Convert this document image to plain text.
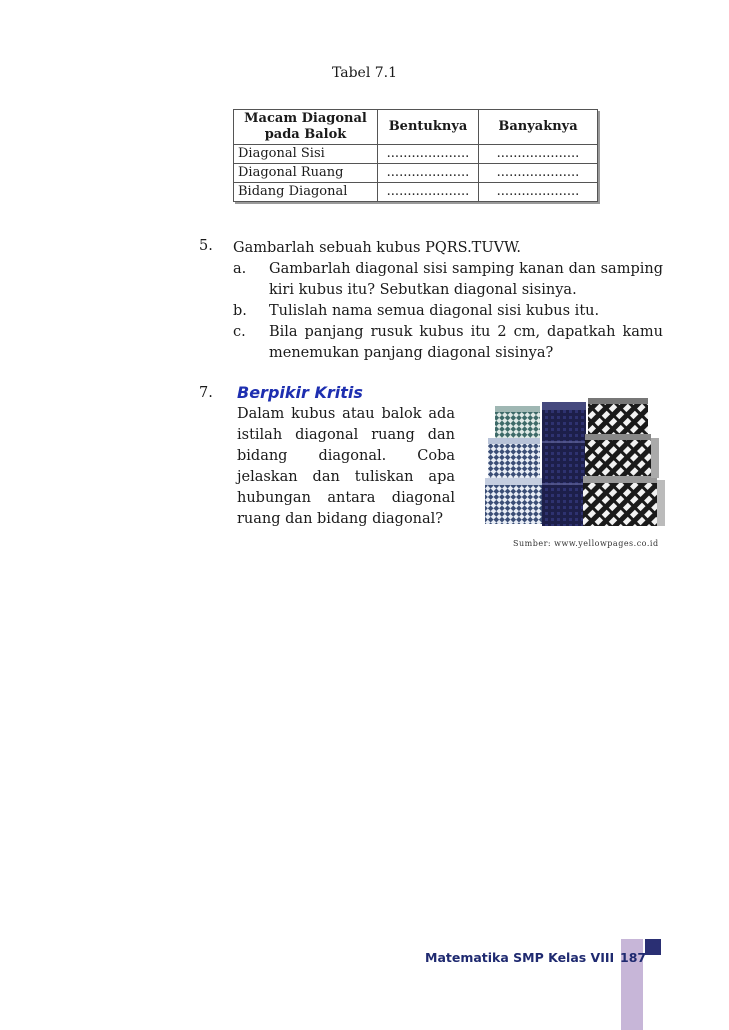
Tabel 7.1
Macam Diagonal
pada Balok	Bentuknya	Banyaknya
Diagonal Sisi	....................	....................
Diagonal Ruang	....................	....................
Bidang Diagonal	....................	....................
5. Gambarlah sebuah kubus PQRS.TUVW.
a.	Gambarlah diagonal sisi samping kanan dan samping kiri kubus itu? Sebutkan diagonal sisinya.
b.	Tulislah nama semua diagonal sisi kubus itu.
c.	Bila panjang rusuk kubus itu 2 cm, dapatkah kamu menemukan panjang diagonal sisinya?
7. Berpikir Kritis
Dalam kubus atau balok ada
istilah diagonal ruang dan
bidang diagonal. Coba
jelaskan dan tuliskan apa
hubungan antara diagonal
ruang dan bidang diagonal?
Sumber: www.yellowpages.co.id
Matematika SMP Kelas VIII 187
